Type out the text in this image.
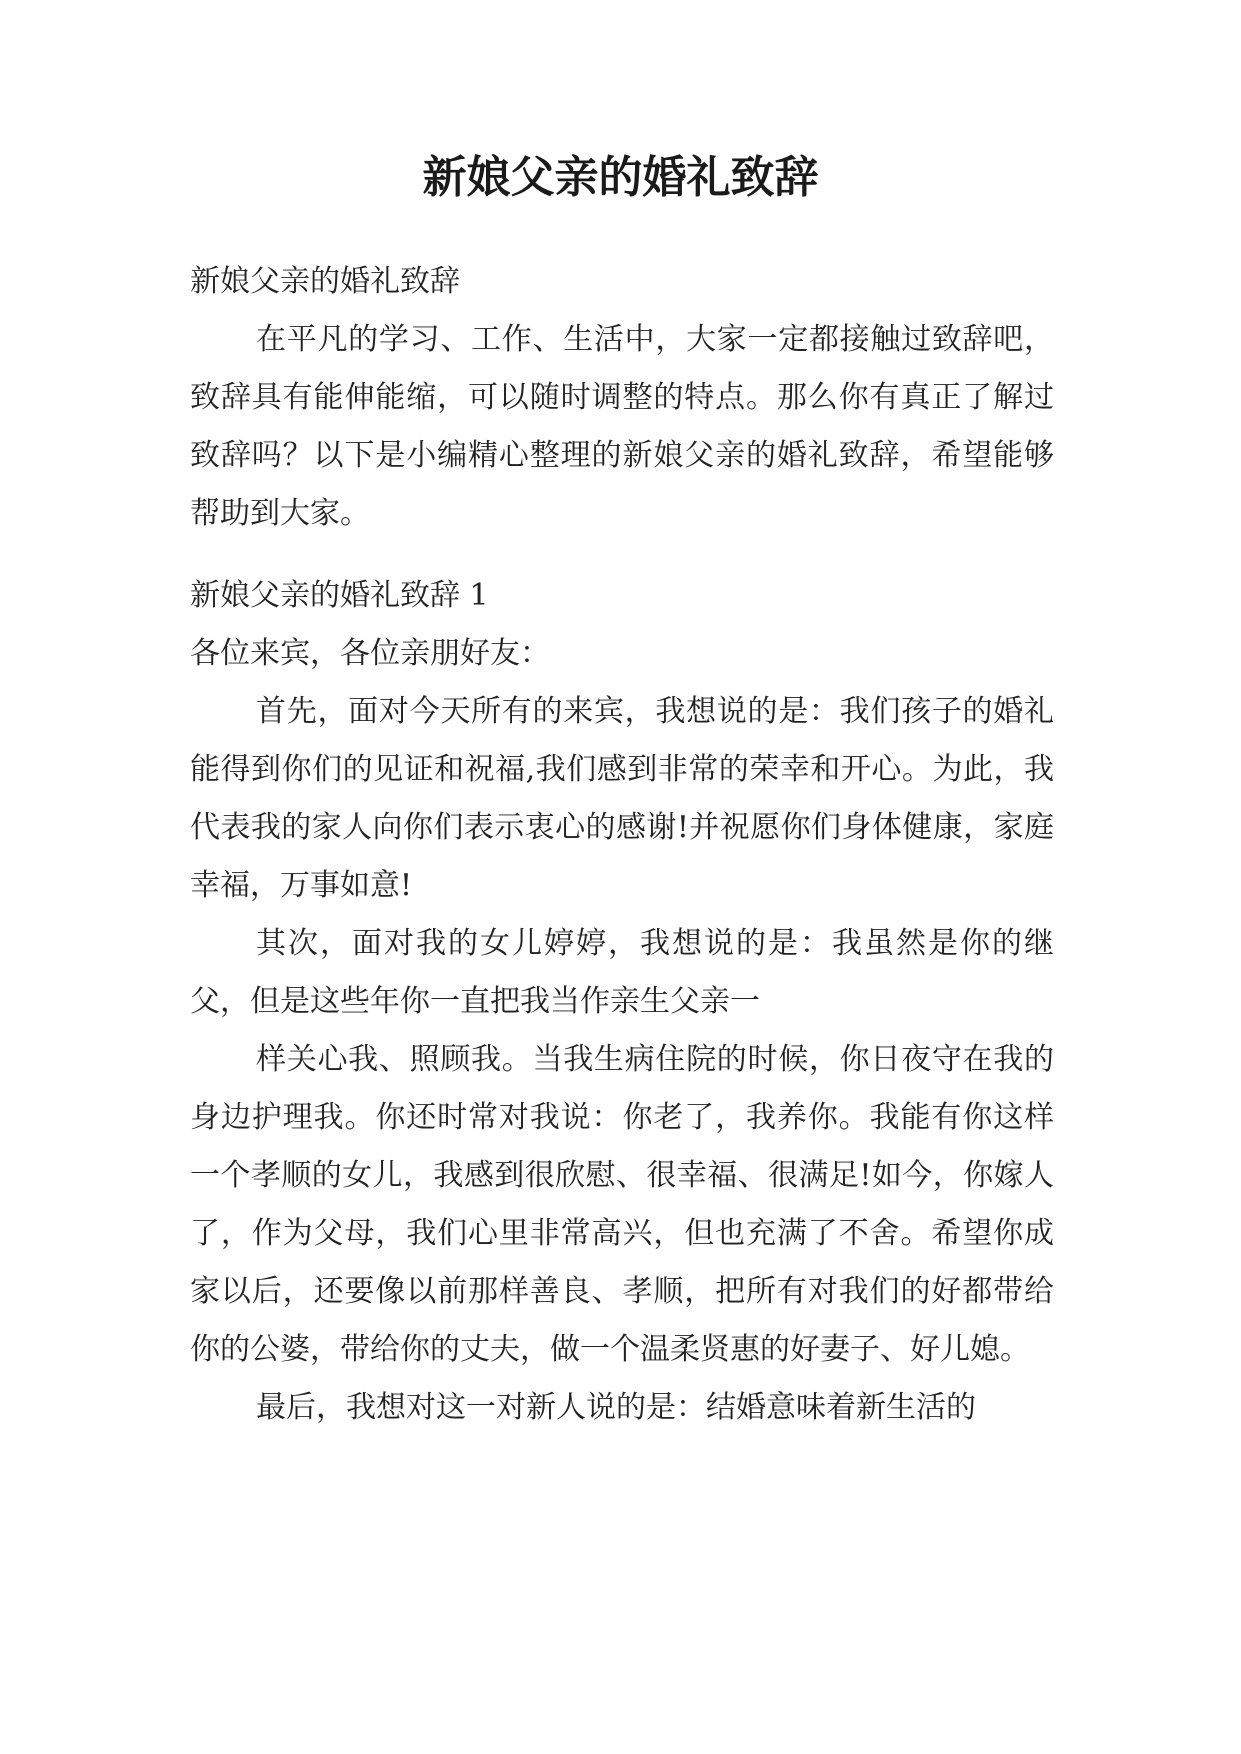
新娘父亲的婚礼致辞

新娘父亲的婚礼致辞

在平凡的学习、工作、生活中，大家一定都接触过致辞吧，致辞具有能伸能缩，可以随时调整的特点。那么你有真正了解过致辞吗？以下是小编精心整理的新娘父亲的婚礼致辞，希望能够帮助到大家。

新娘父亲的婚礼致辞 1

各位来宾，各位亲朋好友：

首先，面对今天所有的来宾，我想说的是：我们孩子的婚礼能得到你们的见证和祝福,我们感到非常的荣幸和开心。为此，我代表我的家人向你们表示衷心的感谢!并祝愿你们身体健康，家庭幸福，万事如意!

其次，面对我的女儿婷婷，我想说的是：我虽然是你的继父，但是这些年你一直把我当作亲生父亲一

样关心我、照顾我。当我生病住院的时候，你日夜守在我的身边护理我。你还时常对我说：你老了，我养你。我能有你这样一个孝顺的女儿，我感到很欣慰、很幸福、很满足!如今，你嫁人了，作为父母，我们心里非常高兴，但也充满了不舍。希望你成家以后，还要像以前那样善良、孝顺，把所有对我们的好都带给你的公婆，带给你的丈夫，做一个温柔贤惠的好妻子、好儿媳。

最后，我想对这一对新人说的是：结婚意味着新生活的
